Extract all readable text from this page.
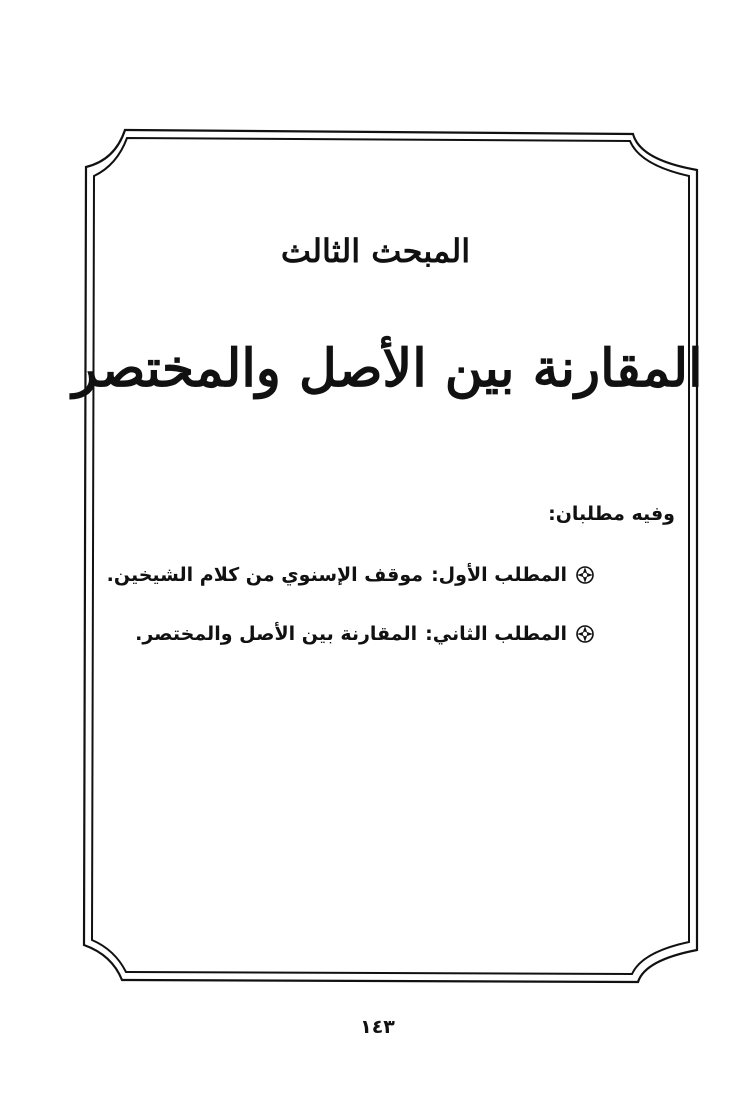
المبحث الثالث
المقارنة بين الأصل والمختصر
وفيه مطلبان:
المطلب الأول:
موقف الإسنوي من كلام الشيخين.
المطلب الثاني:
المقارنة بين الأصل والمختصر.
١٤٣
